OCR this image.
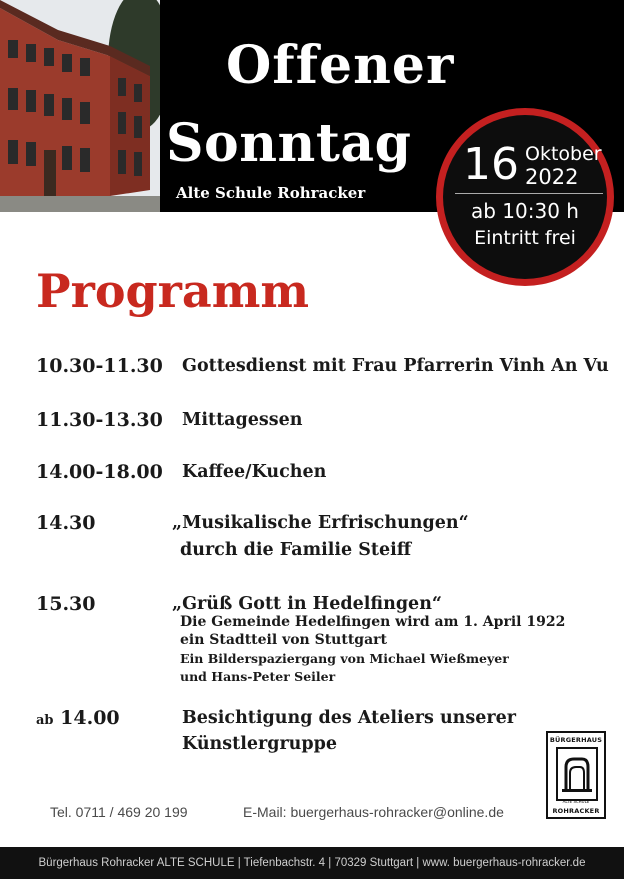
Offener
Sonntag
Alte Schule Rohracker
16 Oktober
2022
ab 10:30 h
Eintritt frei
Programm
10.30-11.30 Gottesdienst mit Frau Pfarrerin Vinh An Vu
11.30-13.30 Mittagessen
14.00-18.00 Kaffee/Kuchen
14.30	„Musikalische Erfrischungen“
durch die Familie Steiff
15.30	„Grüß Gott in Hedelfingen“
Die Gemeinde Hedelfingen wird am 1. April 1922
ein Stadtteil von Stuttgart
Ein Bilderspaziergang von Michael Wießmeyer
und Hans-Peter Seiler
ab 14.00	Besichtigung des Ateliers unserer
Künstlergruppe	BÜRGERHAUS
ALTE SCHULE
ROHRACKER
Tel. 0711 / 469 20 199	E-Mail: buergerhaus-rohracker@online.de
Bürgerhaus Rohracker ALTE SCHULE | Tiefenbachstr. 4 | 70329 Stuttgart | www. buergerhaus-rohracker.de
